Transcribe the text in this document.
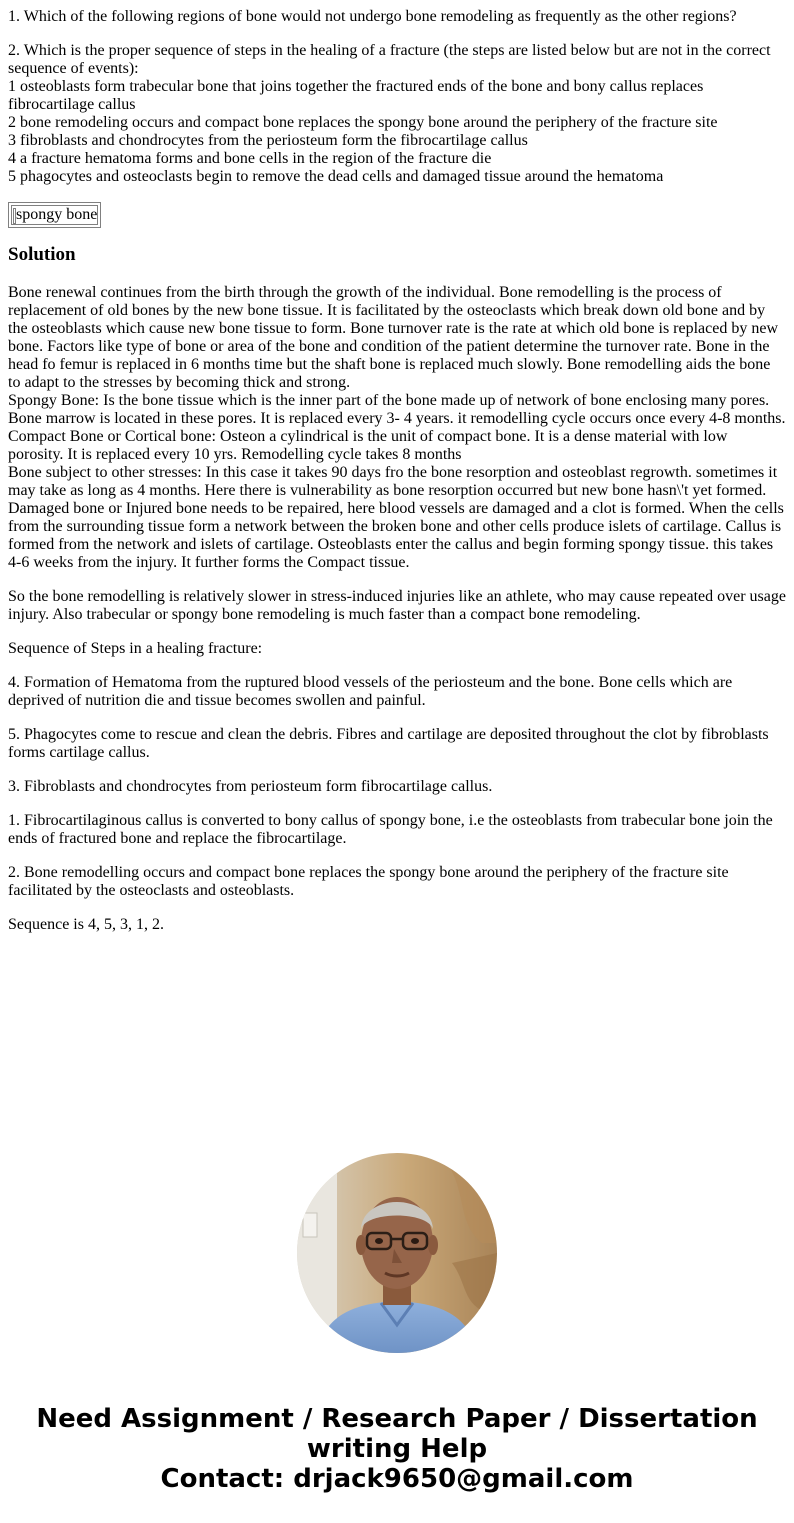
1. Which of the following regions of bone would not undergo bone remodeling as frequently as the other regions?

2. Which is the proper sequence of steps in the healing of a fracture (the steps are listed below but are not in the correct sequence of events):
1 osteoblasts form trabecular bone that joins together the fractured ends of the bone and bony callus replaces fibrocartilage callus
2 bone remodeling occurs and compact bone replaces the spongy bone around the periphery of the fracture site
3 fibroblasts and chondrocytes from the periosteum form the fibrocartilage callus
4 a fracture hematoma forms and bone cells in the region of the fracture die
5 phagocytes and osteoclasts begin to remove the dead cells and damaged tissue around the hematoma

spongy bone
Solution

Bone renewal continues from the birth through the growth of the individual. Bone remodelling is the process of replacement of old bones by the new bone tissue. It is facilitated by the osteoclasts which break down old bone and by the osteoblasts which cause new bone tissue to form. Bone turnover rate is the rate at which old bone is replaced by new bone. Factors like type of bone or area of the bone and condition of the patient determine the turnover rate. Bone in the head fo femur is replaced in 6 months time but the shaft bone is replaced much slowly. Bone remodelling aids the bone to adapt to the stresses by becoming thick and strong.
Spongy Bone: Is the bone tissue which is the inner part of the bone made up of network of bone enclosing many pores. Bone marrow is located in these pores. It is replaced every 3- 4 years. it remodelling cycle occurs once every 4-8 months.
Compact Bone or Cortical bone: Osteon a cylindrical is the unit of compact bone. It is a dense material with low porosity. It is replaced every 10 yrs. Remodelling cycle takes 8 months
Bone subject to other stresses: In this case it takes 90 days fro the bone resorption and osteoblast regrowth. sometimes it may take as long as 4 months. Here there is vulnerability as bone resorption occurred but new bone hasn\'t yet formed.
Damaged bone or Injured bone needs to be repaired, here blood vessels are damaged and a clot is formed. When the cells from the surrounding tissue form a network between the broken bone and other cells produce islets of cartilage. Callus is formed from the network and islets of cartilage. Osteoblasts enter the callus and begin forming spongy tissue. this takes 4-6 weeks from the injury. It further forms the Compact tissue.

So the bone remodelling is relatively slower in stress-induced injuries like an athlete, who may cause repeated over usage injury. Also trabecular or spongy bone remodeling is much faster than a compact bone remodeling.

Sequence of Steps in a healing fracture:

4. Formation of Hematoma from the ruptured blood vessels of the periosteum and the bone. Bone cells which are deprived of nutrition die and tissue becomes swollen and painful.

5. Phagocytes come to rescue and clean the debris. Fibres and cartilage are deposited throughout the clot by fibroblasts forms cartilage callus.

3. Fibroblasts and chondrocytes from periosteum form fibrocartilage callus.

1. Fibrocartilaginous callus is converted to bony callus of spongy bone, i.e the osteoblasts from trabecular bone join the ends of fractured bone and replace the fibrocartilage.

2. Bone remodelling occurs and compact bone replaces the spongy bone around the periphery of the fracture site facilitated by the osteoclasts and osteoblasts.

Sequence is 4, 5, 3, 1, 2.

Need Assignment / Research Paper / Dissertation
writing Help
Contact: drjack9650@gmail.com
